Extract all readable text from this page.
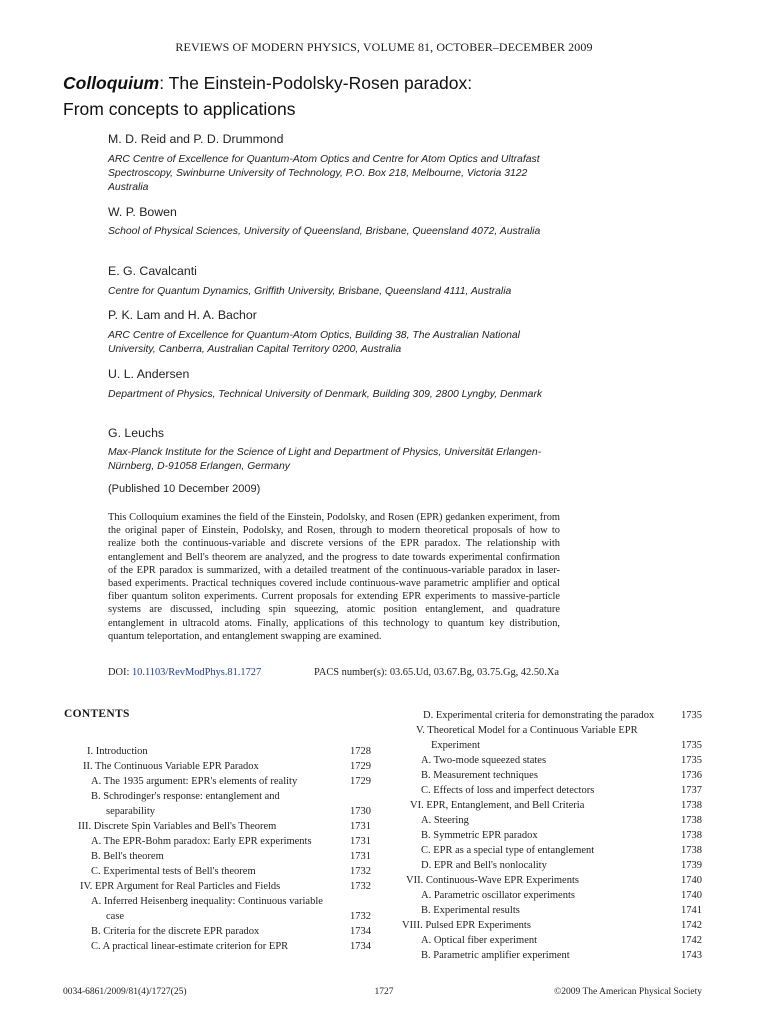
REVIEWS OF MODERN PHYSICS, VOLUME 81, OCTOBER–DECEMBER 2009
Colloquium: The Einstein-Podolsky-Rosen paradox:
From concepts to applications
M. D. Reid and P. D. Drummond
ARC Centre of Excellence for Quantum-Atom Optics and Centre for Atom Optics and Ultrafast Spectroscopy, Swinburne University of Technology, P.O. Box 218, Melbourne, Victoria 3122 Australia
W. P. Bowen
School of Physical Sciences, University of Queensland, Brisbane, Queensland 4072, Australia
E. G. Cavalcanti
Centre for Quantum Dynamics, Griffith University, Brisbane, Queensland 4111, Australia
P. K. Lam and H. A. Bachor
ARC Centre of Excellence for Quantum-Atom Optics, Building 38, The Australian National University, Canberra, Australian Capital Territory 0200, Australia
U. L. Andersen
Department of Physics, Technical University of Denmark, Building 309, 2800 Lyngby, Denmark
G. Leuchs
Max-Planck Institute for the Science of Light and Department of Physics, Universität Erlangen-Nürnberg, D-91058 Erlangen, Germany
(Published 10 December 2009)
This Colloquium examines the field of the Einstein, Podolsky, and Rosen (EPR) gedanken experiment, from the original paper of Einstein, Podolsky, and Rosen, through to modern theoretical proposals of how to realize both the continuous-variable and discrete versions of the EPR paradox. The relationship with entanglement and Bell's theorem are analyzed, and the progress to date towards experimental confirmation of the EPR paradox is summarized, with a detailed treatment of the continuous-variable paradox in laser-based experiments. Practical techniques covered include continuous-wave parametric amplifier and optical fiber quantum soliton experiments. Current proposals for extending EPR experiments to massive-particle systems are discussed, including spin squeezing, atomic position entanglement, and quadrature entanglement in ultracold atoms. Finally, applications of this technology to quantum key distribution, quantum teleportation, and entanglement swapping are examined.
DOI: 10.1103/RevModPhys.81.1727	PACS number(s): 03.65.Ud, 03.67.Bg, 03.75.Gg, 42.50.Xa
CONTENTS
I. Introduction	1728
II. The Continuous Variable EPR Paradox	1729
A. The 1935 argument: EPR's elements of reality	1729
B. Schrodinger's response: entanglement and
separability	1730
III. Discrete Spin Variables and Bell's Theorem	1731
A. The EPR-Bohm paradox: Early EPR experiments	1731
B. Bell's theorem	1731
C. Experimental tests of Bell's theorem	1732
IV. EPR Argument for Real Particles and Fields	1732
A. Inferred Heisenberg inequality: Continuous variable
case	1732
B. Criteria for the discrete EPR paradox	1734
C. A practical linear-estimate criterion for EPR	1734
D. Experimental criteria for demonstrating the paradox	1735
V. Theoretical Model for a Continuous Variable EPR
Experiment	1735
A. Two-mode squeezed states	1735
B. Measurement techniques	1736
C. Effects of loss and imperfect detectors	1737
VI. EPR, Entanglement, and Bell Criteria	1738
A. Steering	1738
B. Symmetric EPR paradox	1738
C. EPR as a special type of entanglement	1738
D. EPR and Bell's nonlocality	1739
VII. Continuous-Wave EPR Experiments	1740
A. Parametric oscillator experiments	1740
B. Experimental results	1741
VIII. Pulsed EPR Experiments	1742
A. Optical fiber experiment	1742
B. Parametric amplifier experiment	1743
0034-6861/2009/81(4)/1727(25)	1727	©2009 The American Physical Society
